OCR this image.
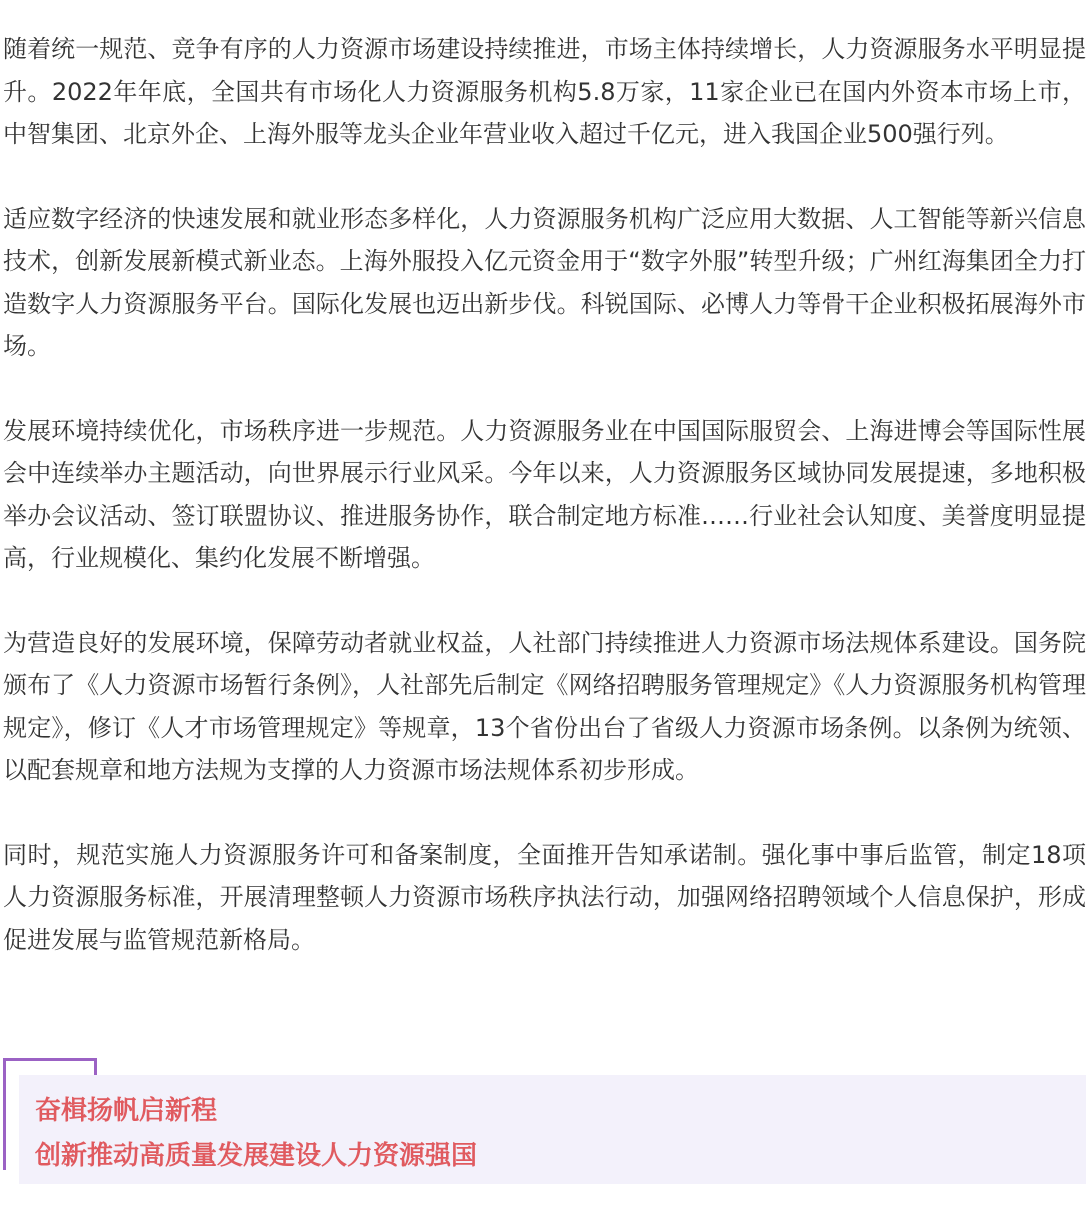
随着统一规范、竞争有序的人力资源市场建设持续推进，市场主体持续增长，人力资源服务水平明显提升。2022年年底，全国共有市场化人力资源服务机构5.8万家，11家企业已在国内外资本市场上市，中智集团、北京外企、上海外服等龙头企业年营业收入超过千亿元，进入我国企业500强行列。

适应数字经济的快速发展和就业形态多样化，人力资源服务机构广泛应用大数据、人工智能等新兴信息技术，创新发展新模式新业态。上海外服投入亿元资金用于“数字外服”转型升级；广州红海集团全力打造数字人力资源服务平台。国际化发展也迈出新步伐。科锐国际、必博人力等骨干企业积极拓展海外市场。

发展环境持续优化，市场秩序进一步规范。人力资源服务业在中国国际服贸会、上海进博会等国际性展会中连续举办主题活动，向世界展示行业风采。今年以来，人力资源服务区域协同发展提速，多地积极举办会议活动、签订联盟协议、推进服务协作，联合制定地方标准……行业社会认知度、美誉度明显提高，行业规模化、集约化发展不断增强。

为营造良好的发展环境，保障劳动者就业权益，人社部门持续推进人力资源市场法规体系建设。国务院颁布了《人力资源市场暂行条例》，人社部先后制定《网络招聘服务管理规定》《人力资源服务机构管理规定》，修订《人才市场管理规定》等规章，13个省份出台了省级人力资源市场条例。以条例为统领、以配套规章和地方法规为支撑的人力资源市场法规体系初步形成。

同时，规范实施人力资源服务许可和备案制度，全面推开告知承诺制。强化事中事后监管，制定18项人力资源服务标准，开展清理整顿人力资源市场秩序执法行动，加强网络招聘领域个人信息保护，形成促进发展与监管规范新格局。

奋楫扬帆启新程

创新推动高质量发展建设人力资源强国
